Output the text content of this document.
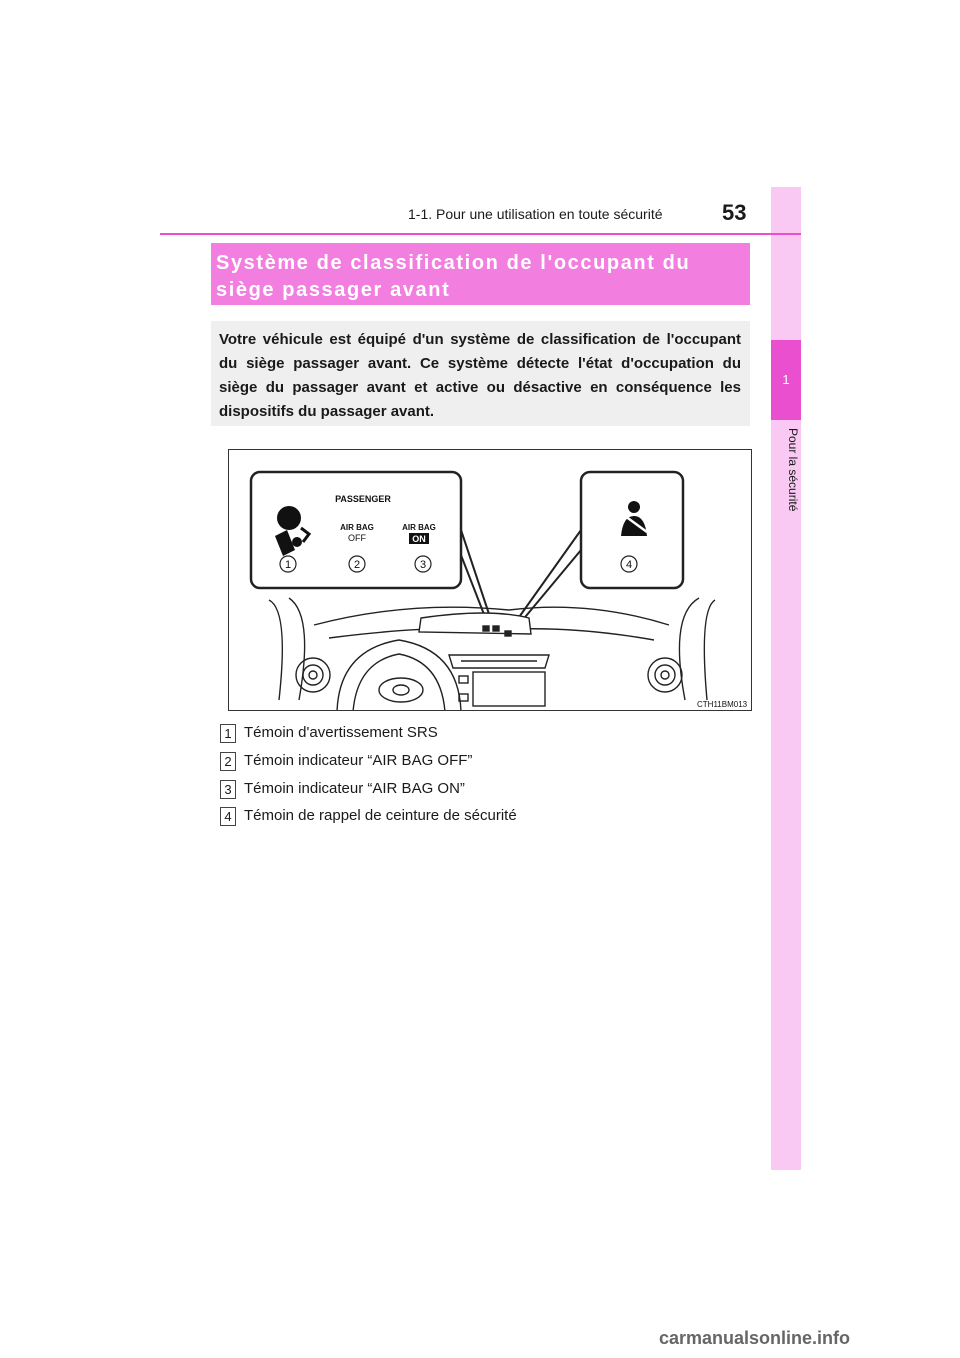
1
Pour la sécurité
1-1. Pour une utilisation en toute sécurité	53
Système de classification de l'occupant du siège passager avant
Votre véhicule est équipé d'un système de classification de l'occupant du siège passager avant. Ce système détecte l'état d'occupation du siège du passager avant et active ou désactive en conséquence les dispositifs du passager avant.
PASSENGER
AIR BAG
OFF
AIR BAG
ON
1	2	3	4
CTH11BM013
1 Témoin d'avertissement SRS
2 Témoin indicateur “AIR BAG OFF”
3 Témoin indicateur “AIR BAG ON”
4 Témoin de rappel de ceinture de sécurité
carmanualsonline.info
